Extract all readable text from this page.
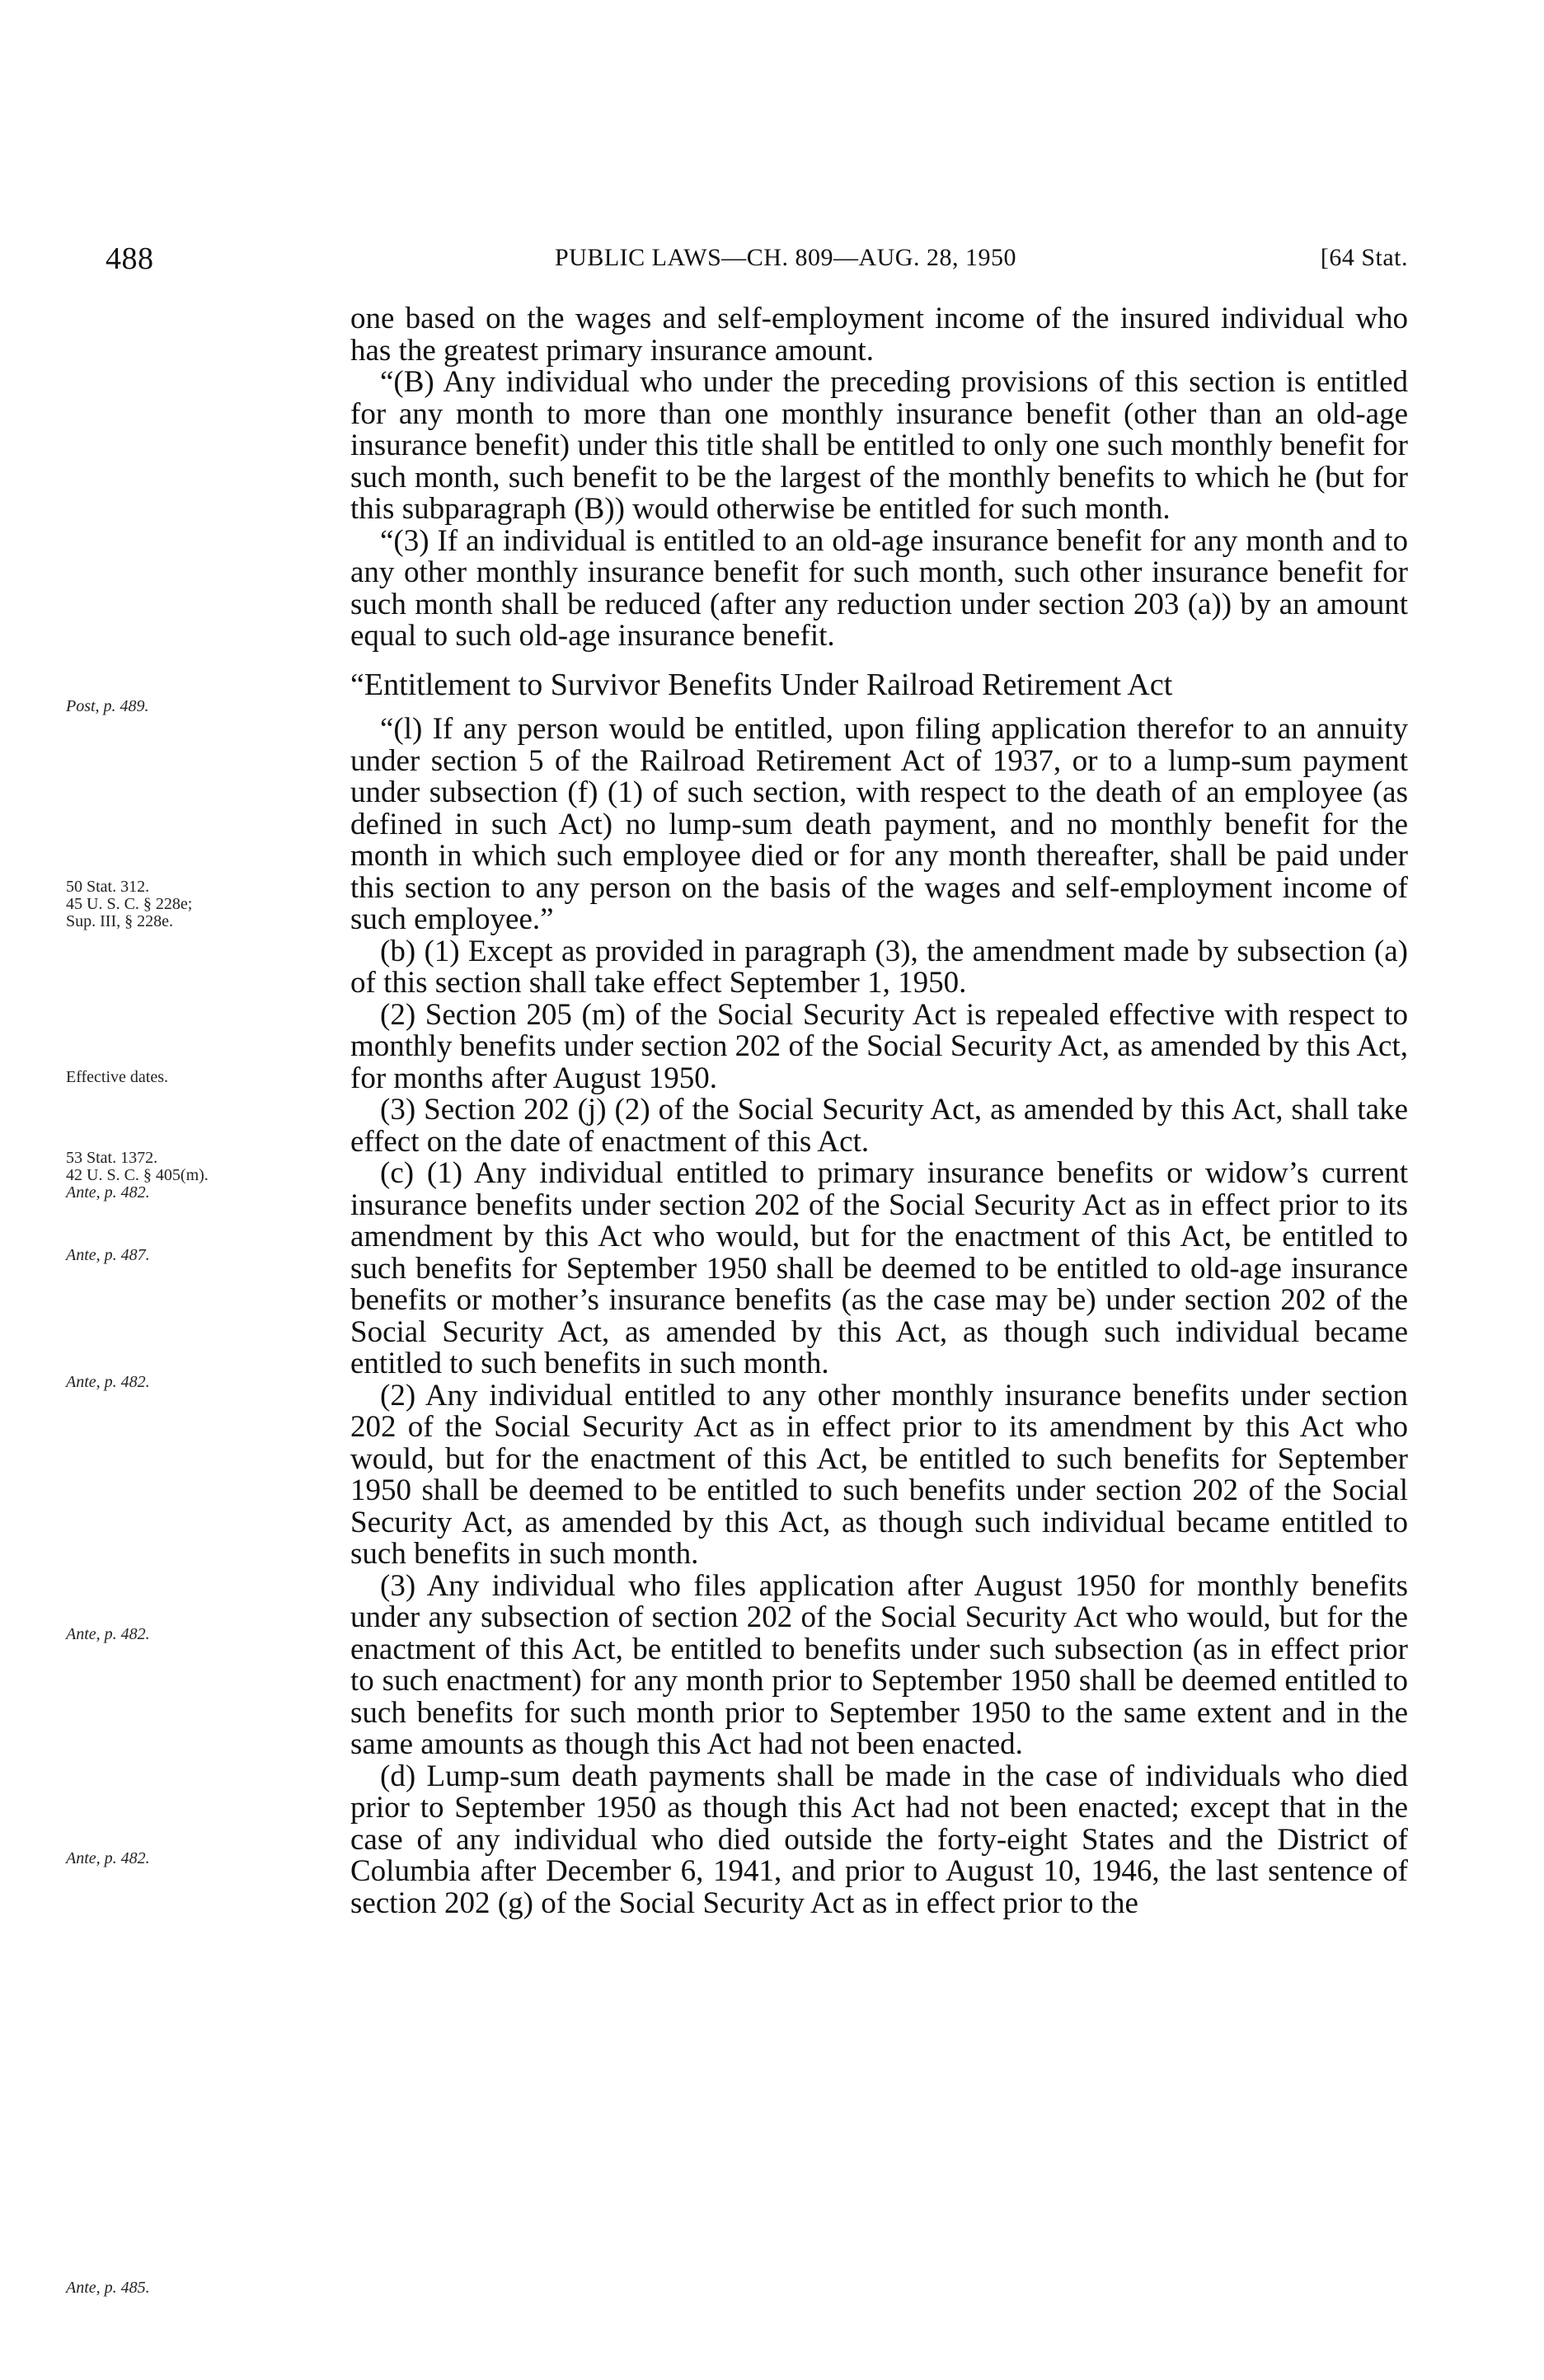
488	PUBLIC LAWS—CH. 809—AUG. 28, 1950	[64 Stat.
Post, p. 489.
50 Stat. 312.
45 U. S. C. § 228e;
Sup. III, § 228e.
Effective dates.
53 Stat. 1372.
42 U. S. C. § 405(m).
Ante, p. 482.
Ante, p. 487.
Ante, p. 482.
Ante, p. 482.
Ante, p. 482.
Ante, p. 485.

one based on the wages and self-employment income of the insured individual who has the greatest primary insurance amount.

“(B) Any individual who under the preceding provisions of this section is entitled for any month to more than one monthly insurance benefit (other than an old-age insurance benefit) under this title shall be entitled to only one such monthly benefit for such month, such benefit to be the largest of the monthly benefits to which he (but for this subparagraph (B)) would otherwise be entitled for such month.

“(3) If an individual is entitled to an old-age insurance benefit for any month and to any other monthly insurance benefit for such month, such other insurance benefit for such month shall be reduced (after any reduction under section 203 (a)) by an amount equal to such old-age insurance benefit.

“Entitlement to Survivor Benefits Under Railroad Retirement Act

“(l) If any person would be entitled, upon filing application therefor to an annuity under section 5 of the Railroad Retirement Act of 1937, or to a lump-sum payment under subsection (f) (1) of such section, with respect to the death of an employee (as defined in such Act) no lump-sum death payment, and no monthly benefit for the month in which such employee died or for any month thereafter, shall be paid under this section to any person on the basis of the wages and self-employment income of such employee.”

(b) (1) Except as provided in paragraph (3), the amendment made by subsection (a) of this section shall take effect September 1, 1950.

(2) Section 205 (m) of the Social Security Act is repealed effective with respect to monthly benefits under section 202 of the Social Security Act, as amended by this Act, for months after August 1950.

(3) Section 202 (j) (2) of the Social Security Act, as amended by this Act, shall take effect on the date of enactment of this Act.

(c) (1) Any individual entitled to primary insurance benefits or widow’s current insurance benefits under section 202 of the Social Security Act as in effect prior to its amendment by this Act who would, but for the enactment of this Act, be entitled to such benefits for September 1950 shall be deemed to be entitled to old-age insurance benefits or mother’s insurance benefits (as the case may be) under section 202 of the Social Security Act, as amended by this Act, as though such individual became entitled to such benefits in such month.

(2) Any individual entitled to any other monthly insurance benefits under section 202 of the Social Security Act as in effect prior to its amendment by this Act who would, but for the enactment of this Act, be entitled to such benefits for September 1950 shall be deemed to be entitled to such benefits under section 202 of the Social Security Act, as amended by this Act, as though such individual became entitled to such benefits in such month.

(3) Any individual who files application after August 1950 for monthly benefits under any subsection of section 202 of the Social Security Act who would, but for the enactment of this Act, be entitled to benefits under such subsection (as in effect prior to such enactment) for any month prior to September 1950 shall be deemed entitled to such benefits for such month prior to September 1950 to the same extent and in the same amounts as though this Act had not been enacted.

(d) Lump-sum death payments shall be made in the case of individuals who died prior to September 1950 as though this Act had not been enacted; except that in the case of any individual who died outside the forty-eight States and the District of Columbia after December 6, 1941, and prior to August 10, 1946, the last sentence of section 202 (g) of the Social Security Act as in effect prior to the
